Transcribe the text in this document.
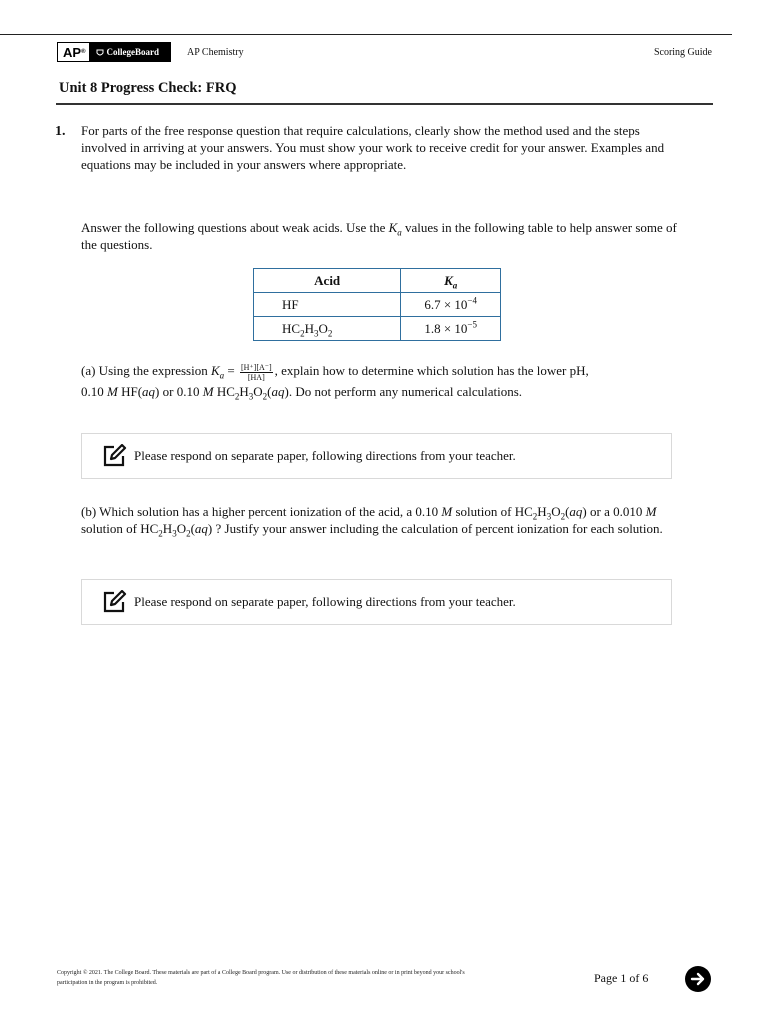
AP ® CollegeBoard	AP Chemistry	Scoring Guide
Unit 8 Progress Check: FRQ
1. For parts of the free response question that require calculations, clearly show the method used and the steps involved in arriving at your answers. You must show your work to receive credit for your answer. Examples and equations may be included in your answers where appropriate.
Answer the following questions about weak acids. Use the $K_a$ values in the following table to help answer some of the questions.
Acid	$K_a$
HF	$6.7 \times 10^{-4}$
$HC_2H_3O_2$	$1.8 \times 10^{-5}$
(a) Using the expression $K_a = \frac{[H^+][A^-]}{[HA]}$ , explain how to determine which solution has the lower pH,
0.10 M HF(aq) or 0.10 M $HC_2H_3O_2(aq)$. Do not perform any numerical calculations.
Please respond on separate paper, following directions from your teacher.
(b) Which solution has a higher percent ionization of the acid, a 0.10 M solution of $HC_2H_3O_2(aq)$ or a 0.010 M solution of $HC_2H_3O_2(aq)$ ? Justify your answer including the calculation of percent ionization for each solution.
Please respond on separate paper, following directions from your teacher.
Copyright © 2021. The College Board. These materials are part of a College Board program. Use or distribution of these materials online or in print beyond your school's participation in the program is prohibited.	Page 1 of 6
